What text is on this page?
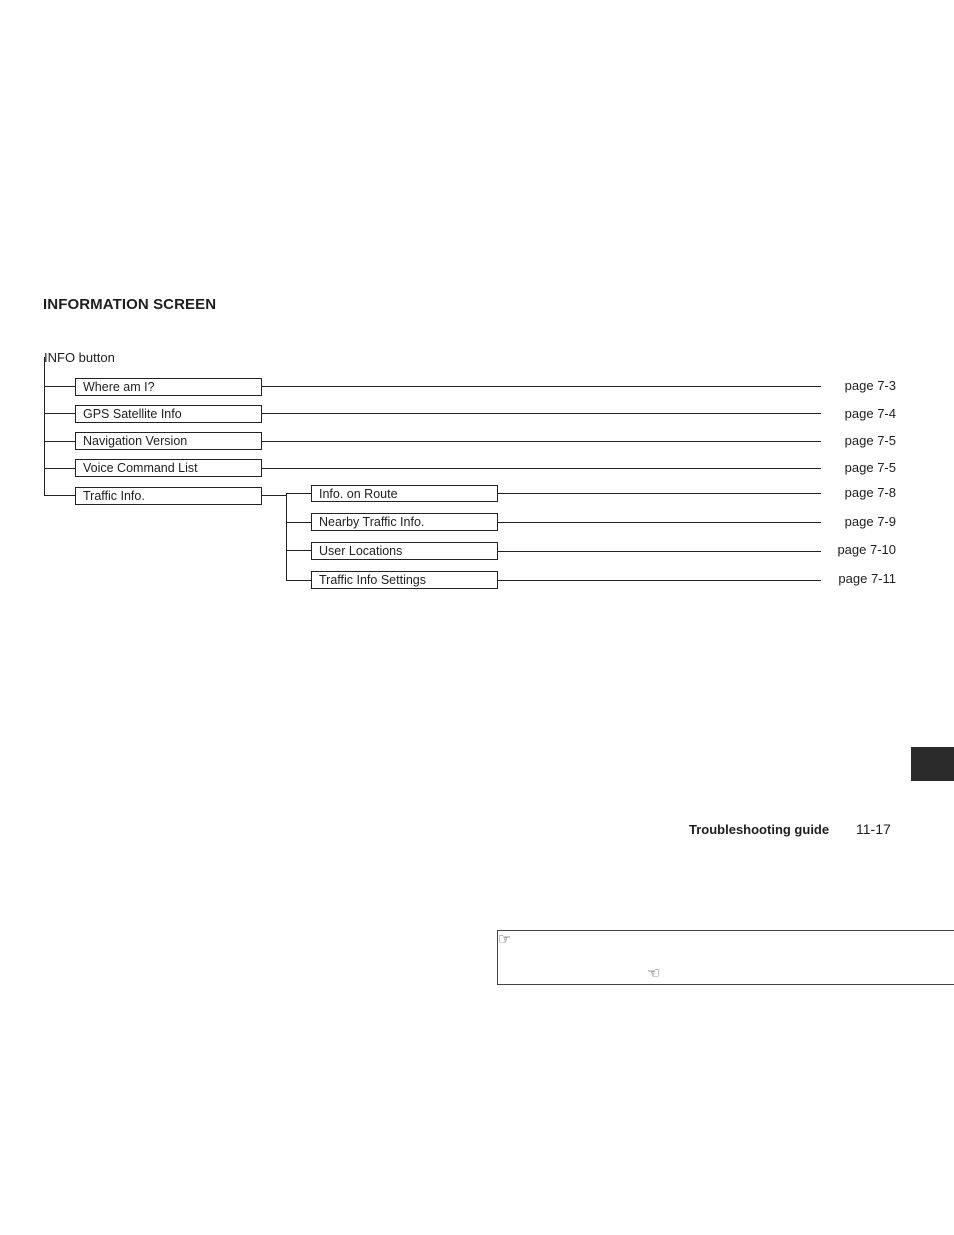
INFORMATION SCREEN
INFO button
Where am I?
GPS Satellite Info
Navigation Version
Voice Command List
Traffic Info.
page 7-3
page 7-4
page 7-5
page 7-5
Info. on Route
Nearby Traffic Info.
User Locations
Traffic Info Settings
page 7-8
page 7-9
page 7-10
page 7-11
Troubleshooting guide 11-17
☞
☜
